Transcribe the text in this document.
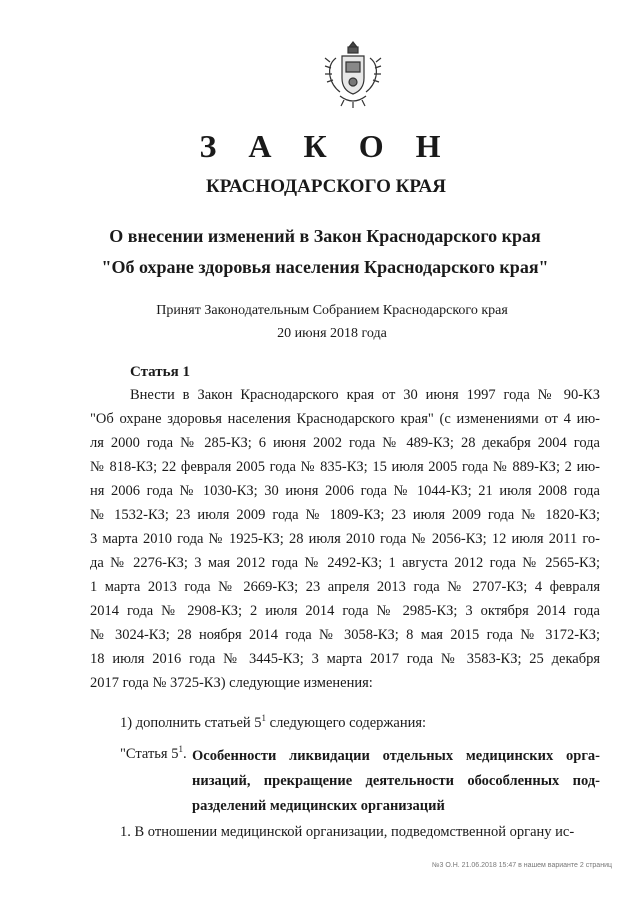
З А К О Н
КРАСНОДАРСКОГО КРАЯ
О внесении изменений в Закон Краснодарского края
"Об охране здоровья населения Краснодарского края"
Принят Законодательным Собранием Краснодарского края
20 июня 2018 года
Статья 1
Внести в Закон Краснодарского края от 30 июня 1997 года № 90-КЗ
"Об охране здоровья населения Краснодарского края" (с изменениями от 4 ию-
ля 2000 года № 285-КЗ; 6 июня 2002 года № 489-КЗ; 28 декабря 2004 года
№ 818-КЗ; 22 февраля 2005 года № 835-КЗ; 15 июля 2005 года № 889-КЗ; 2 ию-
ня 2006 года № 1030-КЗ; 30 июня 2006 года № 1044-КЗ; 21 июля 2008 года
№ 1532-КЗ; 23 июля 2009 года № 1809-КЗ; 23 июля 2009 года № 1820-КЗ;
3 марта 2010 года № 1925-КЗ; 28 июля 2010 года № 2056-КЗ; 12 июля 2011 го-
да № 2276-КЗ; 3 мая 2012 года № 2492-КЗ; 1 августа 2012 года № 2565-КЗ;
1 марта 2013 года № 2669-КЗ; 23 апреля 2013 года № 2707-КЗ; 4 февраля
2014 года № 2908-КЗ; 2 июля 2014 года № 2985-КЗ; 3 октября 2014 года
№ 3024-КЗ; 28 ноября 2014 года № 3058-КЗ; 8 мая 2015 года № 3172-КЗ;
18 июля 2016 года № 3445-КЗ; 3 марта 2017 года № 3583-КЗ; 25 декабря
2017 года № 3725-КЗ) следующие изменения:
1) дополнить статьей $5^1$ следующего содержания:
"Статья $5^1$. Особенности ликвидации отдельных медицинских орга-
низаций, прекращение деятельности обособленных под-
разделений медицинских организаций
1. В отношении медицинской организации, подведомственной органу ис-
№3 О.Н. 21.06.2018 15:47 в нашем варианте 2 страниц
